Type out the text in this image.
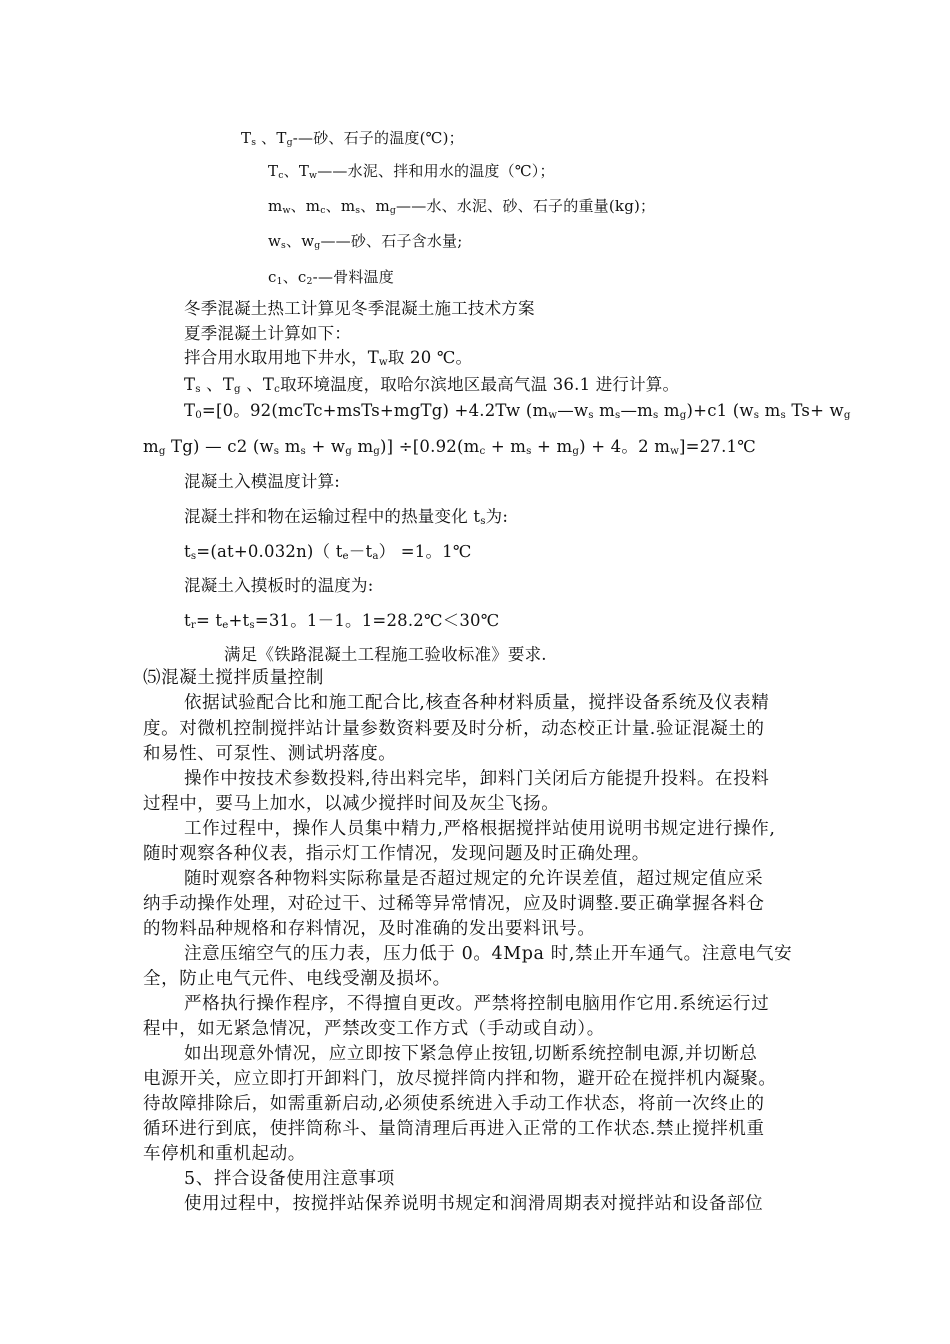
$T_s$ 、$T_g-—$砂、石子的温度(℃)；
$T_c$、$T_w——$水泥、拌和用水的温度（℃）；
$m_w$、$m_c$、$m_s$、$m_g——$水、水泥、砂、石子的重量(kg)；
$w_s$、$w_g——$砂、石子含水量;
$c_1$、$c_2-—$骨料温度
冬季混凝土热工计算见冬季混凝土施工技术方案
夏季混凝土计算如下：
拌合用水取用地下井水，$T_w$取 20 ℃。
$T_s$ 、$T_g$ 、$T_c$取环境温度，取哈尔滨地区最高气温 36.1 进行计算。
$T_0=[0$。92(mcTc+msTs+mgTg) +4.2Tw ($m_w—w_s$ $m_s—m_s$ $m_g)+c1$ ($w_s$ $m_s$ $Ts+ w_g$
$m_g$ Tg) — c2 ($w_s$ $m_s + w_g$ $m_g)] \div[0.92(m_c + m_s + m_g) + 4$。2 $m_w]=27.1℃$
混凝土入模温度计算:
混凝土拌和物在运输过程中的热量变化 $t_s$为:
$t_s=(at+0.032n)$（ $t_e-t_a) =1$。1℃
混凝土入摸板时的温度为:
$t_r= t_e+t_s=31$。1－1。1=28.2℃＜30℃
满足《铁路混凝土工程施工验收标准》要求.
⑸混凝土搅拌质量控制
依据试验配合比和施工配合比,核查各种材料质量，搅拌设备系统及仪表精
度。对微机控制搅拌站计量参数资料要及时分析，动态校正计量.验证混凝土的
和易性、可泵性、测试坍落度。
操作中按技术参数投料,待出料完毕，卸料门关闭后方能提升投料。在投料
过程中，要马上加水，以减少搅拌时间及灰尘飞扬。
工作过程中，操作人员集中精力,严格根据搅拌站使用说明书规定进行操作,
随时观察各种仪表，指示灯工作情况，发现问题及时正确处理。
随时观察各种物料实际称量是否超过规定的允许误差值，超过规定值应采
纳手动操作处理，对砼过干、过稀等异常情况，应及时调整.要正确掌握各料仓
的物料品种规格和存料情况，及时准确的发出要料讯号。
注意压缩空气的压力表，压力低于 0。4Mpa 时,禁止开车通气。注意电气安
全，防止电气元件、电线受潮及损坏。
严格执行操作程序，不得擅自更改。严禁将控制电脑用作它用.系统运行过
程中，如无紧急情况，严禁改变工作方式（手动或自动）。
如出现意外情况，应立即按下紧急停止按钮,切断系统控制电源,并切断总
电源开关，应立即打开卸料门，放尽搅拌筒内拌和物，避开砼在搅拌机内凝聚。
待故障排除后，如需重新启动,必须使系统进入手动工作状态，将前一次终止的
循环进行到底，使拌筒称斗、量筒清理后再进入正常的工作状态.禁止搅拌机重
车停机和重机起动。
5、拌合设备使用注意事项
使用过程中，按搅拌站保养说明书规定和润滑周期表对搅拌站和设备部位
